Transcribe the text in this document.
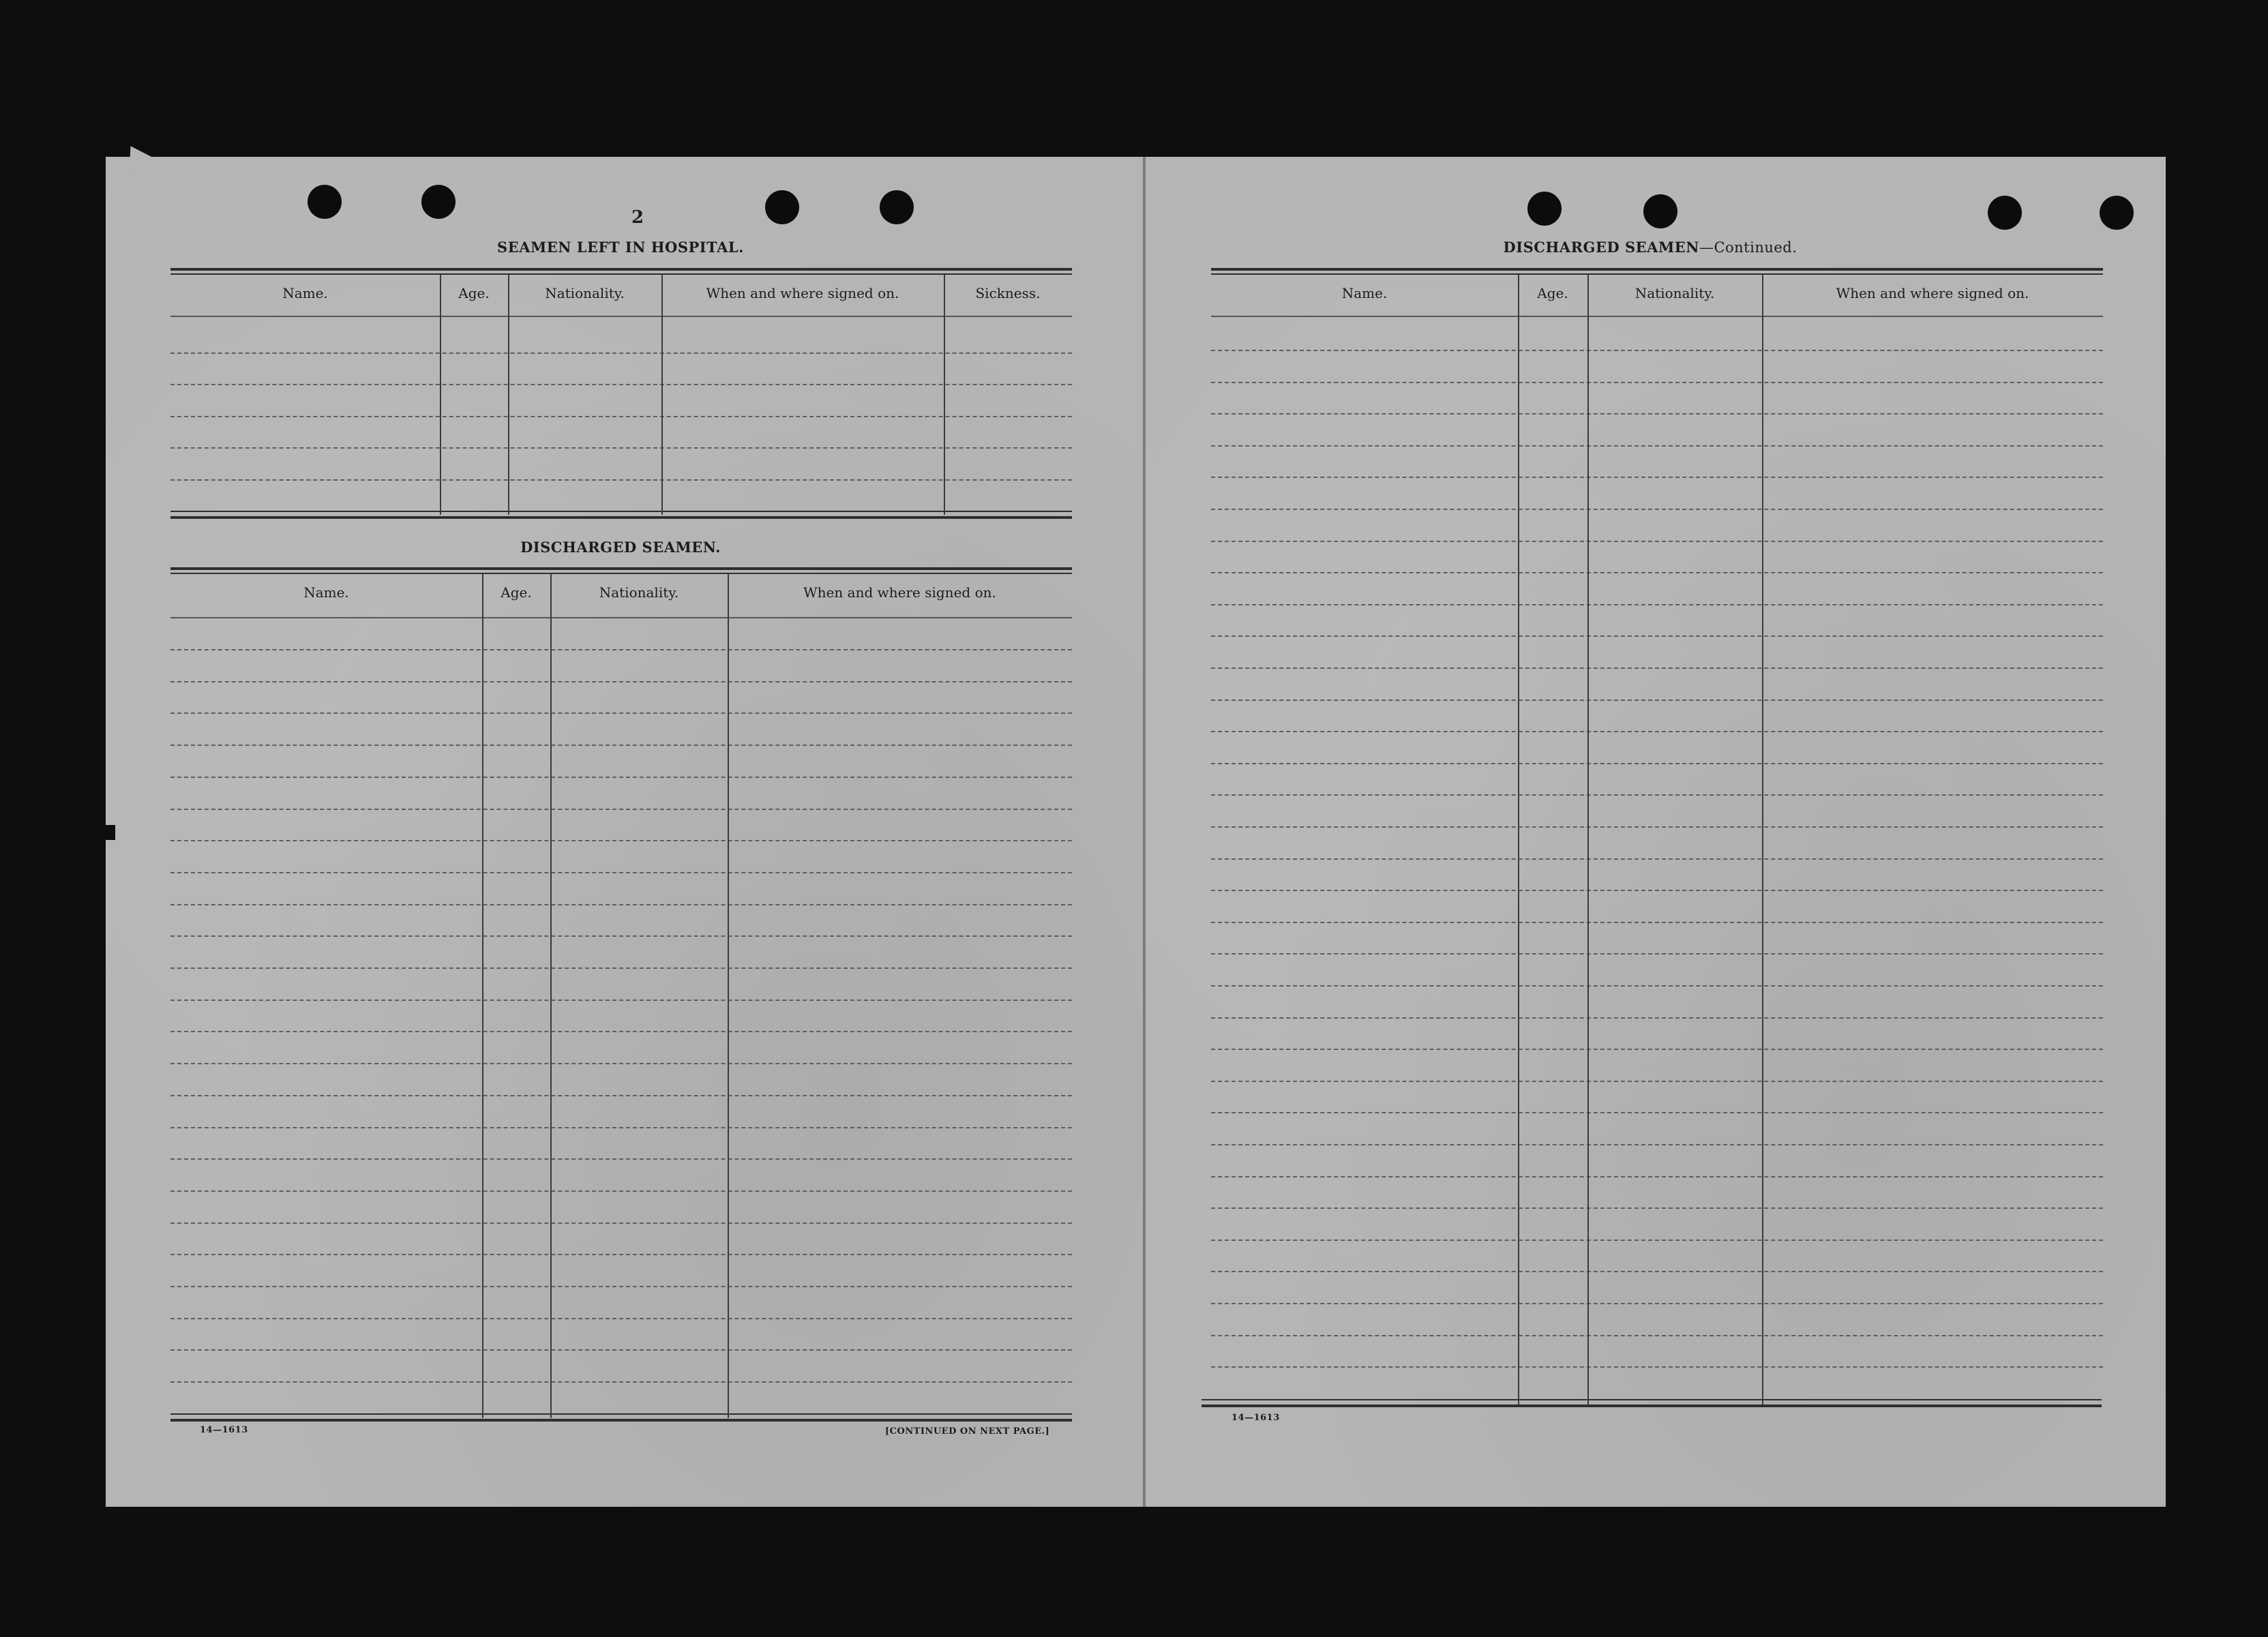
2
SEAMEN LEFT IN HOSPITAL.
Name.	Age.	Nationality.	When and where signed on.	Sickness.
DISCHARGED SEAMEN.
Name.	Age.	Nationality.	When and where signed on.
14—1613	[CONTINUED ON NEXT PAGE.]
DISCHARGED SEAMEN—Continued.
Name.	Age.	Nationality.	When and where signed on.
14—1613
